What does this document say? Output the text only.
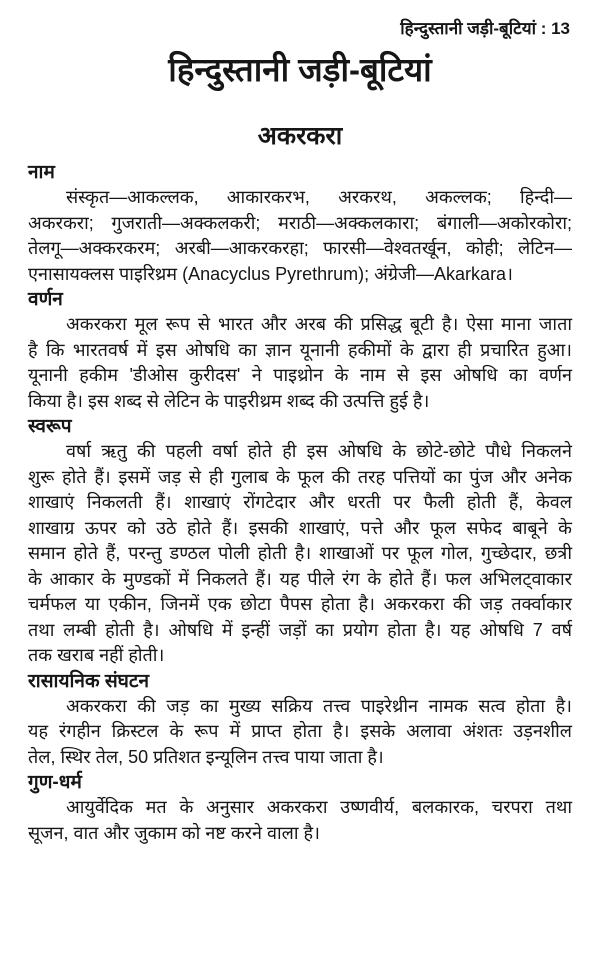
हिन्दुस्तानी जड़ी-बूटियां : 13
हिन्दुस्तानी जड़ी-बूटियां
अकरकरा
नाम
संस्कृत—आकल्लक, आकारकरभ, अरकरथ, अकल्लक; हिन्दी—
अकरकरा; गुजराती—अक्कलकरी; मराठी—अक्कलकारा; बंगाली—अकोरकोरा;
तेलगू—अक्करकरम; अरबी—आकरकरहा; फारसी—वेश्वतर्खून, कोही; लेटिन—
एनासायक्लस पाइरिथ्रम (Anacyclus Pyrethrum); अंग्रेजी—Akarkara।
वर्णन
अकरकरा मूल रूप से भारत और अरब की प्रसिद्ध बूटी है। ऐसा माना जाता
है कि भारतवर्ष में इस ओषधि का ज्ञान यूनानी हकीमों के द्वारा ही प्रचारित हुआ।
यूनानी हकीम 'डीओस कुरीदस' ने पाइथ्रोन के नाम से इस ओषधि का वर्णन
किया है। इस शब्द से लेटिन के पाइरीथ्रम शब्द की उत्पत्ति हुई है।
स्वरूप
वर्षा ऋतु की पहली वर्षा होते ही इस ओषधि के छोटे-छोटे पौधे निकलने
शुरू होते हैं। इसमें जड़ से ही गुलाब के फूल की तरह पत्तियों का पुंज और अनेक
शाखाएं निकलती हैं। शाखाएं रोंगटेदार और धरती पर फैली होती हैं, केवल
शाखाग्र ऊपर को उठे होते हैं। इसकी शाखाएं, पत्ते और फूल सफेद बाबूने के
समान होते हैं, परन्तु डण्ठल पोली होती है। शाखाओं पर फूल गोल, गुच्छेदार, छत्री
के आकार के मुण्डकों में निकलते हैं। यह पीले रंग के होते हैं। फल अभिलट्वाकार
चर्मफल या एकीन, जिनमें एक छोटा पैपस होता है। अकरकरा की जड़ तर्क्वाकार
तथा लम्बी होती है। ओषधि में इन्हीं जड़ों का प्रयोग होता है। यह ओषधि 7 वर्ष
तक खराब नहीं होती।
रासायनिक संघटन
अकरकरा की जड़ का मुख्य सक्रिय तत्त्व पाइरेथ्रीन नामक सत्व होता है।
यह रंगहीन क्रिस्टल के रूप में प्राप्त होता है। इसके अलावा अंशतः उड़नशील
तेल, स्थिर तेल, 50 प्रतिशत इन्यूलिन तत्त्व पाया जाता है।
गुण-धर्म
आयुर्वेदिक मत के अनुसार अकरकरा उष्णवीर्य, बलकारक, चरपरा तथा
सूजन, वात और जुकाम को नष्ट करने वाला है।
